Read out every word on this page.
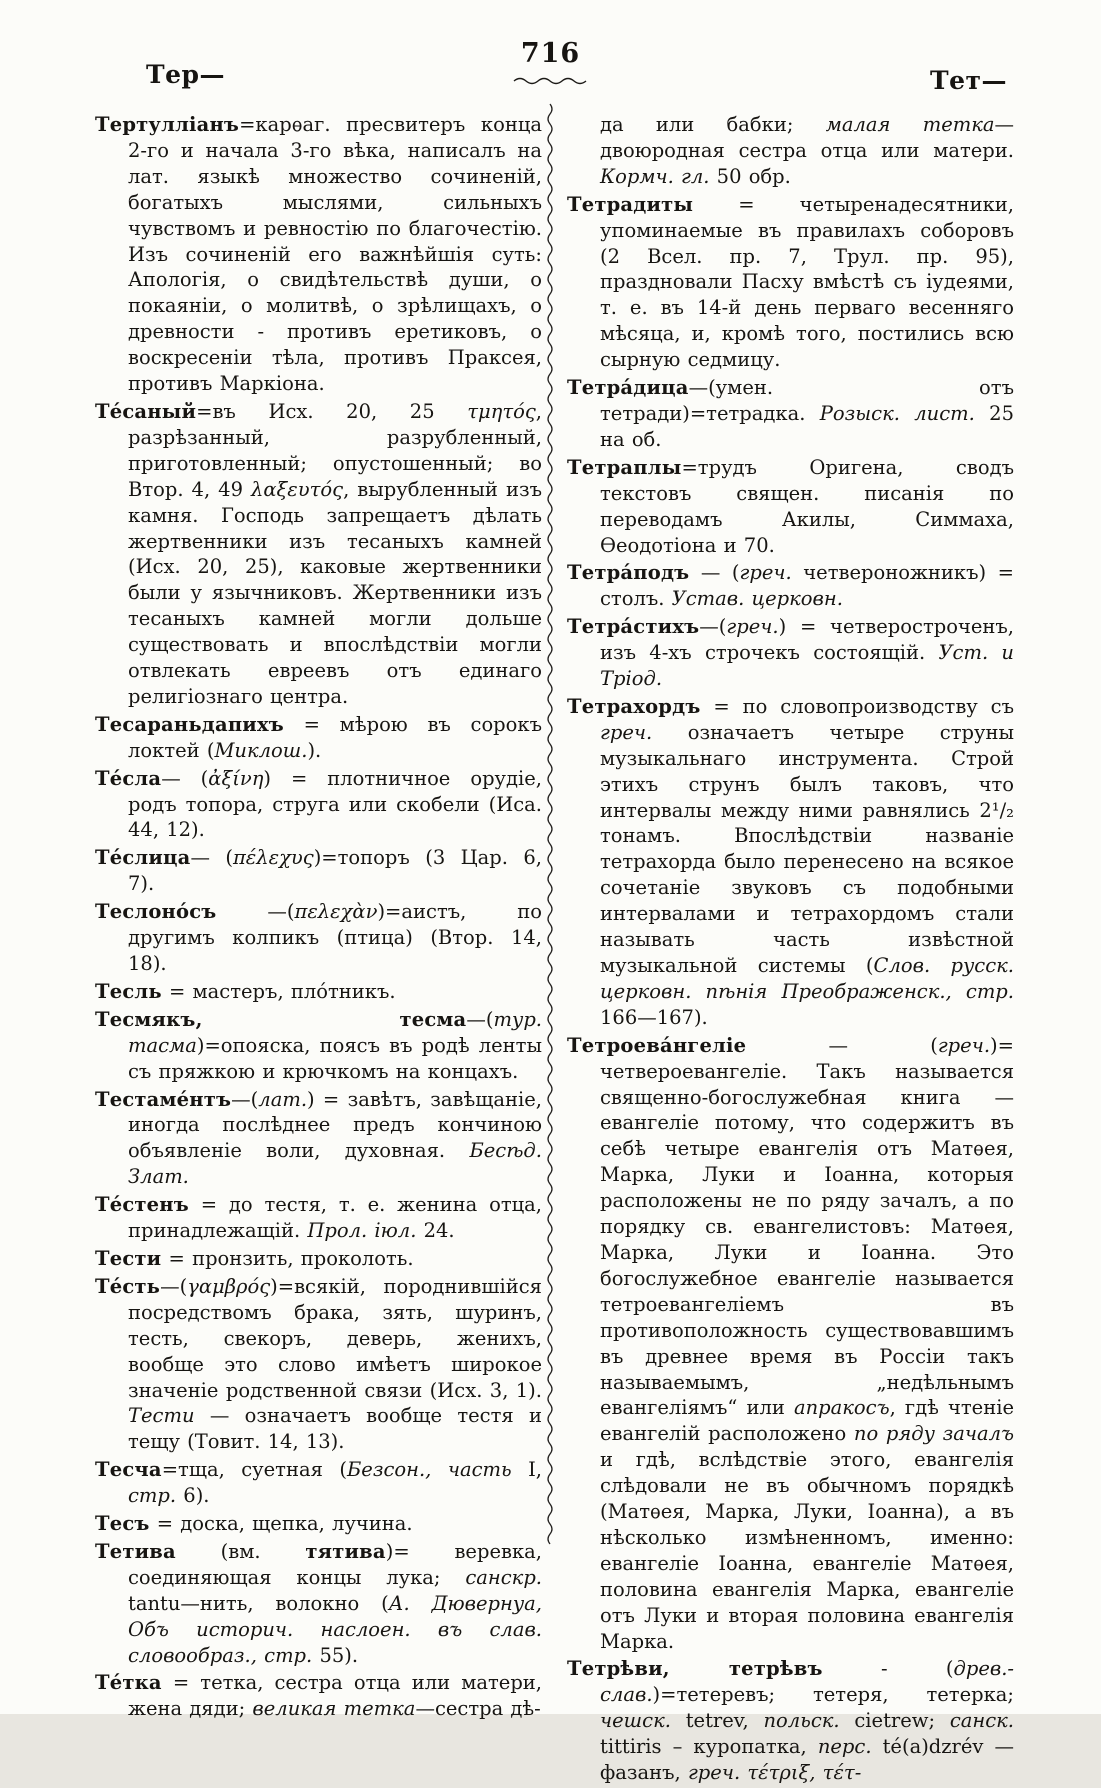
716
Тер—	Тет—

Тертулліанъ=карѳаг. пресвитеръ конца 2-го и начала 3-го вѣка, написалъ на лат. языкѣ множество сочиненій, богатыхъ мыслями, сильныхъ чувствомъ и ревностію по благочестію. Изъ сочиненій его важнѣйшія суть: Апологія, о свидѣтельствѣ души, о покаяніи, о молитвѣ, о зрѣлищахъ, о древности - противъ еретиковъ, о воскресеніи тѣла, противъ Праксея, противъ Маркіона.

Тéсаный=въ Исх. 20, 25 τμητός, разрѣзанный, разрубленный, приготовленный; опустошенный; во Втор. 4, 49 λαξευτός, вырубленный изъ камня. Господь запрещаетъ дѣлать жертвенники изъ тесаныхъ камней (Исх. 20, 25), каковые жертвенники были у язычниковъ. Жертвенники изъ тесаныхъ камней могли дольше существовать и впослѣдствіи могли отвлекать евреевъ отъ единаго религіознаго центра.

Тесараньдапихъ = мѣрою въ сорокъ локтей (Миклош.).

Тéсла— (ἀξίνη) = плотничное орудіе, родъ топора, струга или скобели (Иса. 44, 12).

Тéслица— (πέλεχυς)=топоръ (3 Цар. 6, 7).

Теслонóсъ —(πελεχὰν)=аистъ, по другимъ колпикъ (птица) (Втор. 14, 18).

Тесль = мастеръ, плóтникъ.

Тесмякъ, тесма—(тур. тасма)=опояска, поясъ въ родѣ ленты съ пряжкою и крючкомъ на концахъ.

Тестамéнтъ—(лат.) = завѣтъ, завѣщаніе, иногда послѣднее предъ кончиною объявленіе воли, духовная. Бесѣд. Злат.

Тéстенъ = до тестя, т. е. женина отца, принадлежащій. Прол. іюл. 24.

Тести = пронзить, проколоть.

Тéсть—(γαμβρός)=всякій, породнившійся посредствомъ брака, зять, шуринъ, тесть, свекоръ, деверь, женихъ, вообще это слово имѣетъ широкое значеніе родственной связи (Исх. 3, 1). Тести — означаетъ вообще тестя и тещу (Товит. 14, 13).

Тесча=тща, суетная (Безсон., часть I, стр. 6).

Тесъ = доска, щепка, лучина.

Тетива (вм. тятива)= веревка, соединяющая концы лука; санскр. tantu—нить, волокно (А. Дювернуа, Объ историч. наслоен. въ слав. словообраз., стр. 55).

Тéтка = тетка, сестра отца или матери, жена дяди; великая тетка—сестра дѣ-

да или бабки; малая тетка—двоюродная сестра отца или матери. Кормч. гл. 50 обр.

Тетрадиты = четыренадесятники, упоминаемые въ правилахъ соборовъ (2 Всел. пр. 7, Трул. пр. 95), праздновали Пасху вмѣстѣ съ іудеями, т. е. въ 14-й день перваго весенняго мѣсяца, и, кромѣ того, постились всю сырную седмицу.

Тетрáдица—(умен. отъ тетради)=тетрадка. Розыск. лист. 25 на об.

Тетраплы=трудъ Оригена, сводъ текстовъ священ. писанія по переводамъ Акилы, Симмаха, Ѳеодотіона и 70.

Тетрáподъ — (греч. четвероножникъ) = столъ. Устав. церковн.

Тетрáстихъ—(греч.) = четверостроченъ, изъ 4-хъ строчекъ состоящій. Уст. и Тріод.

Тетрахордъ = по словопроизводству съ греч. означаетъ четыре струны музыкальнаго инструмента. Строй этихъ струнъ былъ таковъ, что интервалы между ними равнялись 2¹/₂ тонамъ. Впослѣдствіи названіе тетрахорда было перенесено на всякое сочетаніе звуковъ съ подобными интервалами и тетрахордомъ стали называть часть извѣстной музыкальной системы (Слов. русск. церковн. пѣнія Преображенск., стр. 166—167).

Тетроевáнгеліе — (греч.)= четвероевангеліе. Такъ называется священно-богослужебная книга — евангеліе потому, что содержитъ въ себѣ четыре евангелія отъ Матѳея, Марка, Луки и Іоанна, которыя расположены не по ряду зачалъ, а по порядку св. евангелистовъ: Матѳея, Марка, Луки и Іоанна. Это богослужебное евангеліе называется тетроевангеліемъ въ противоположность существовавшимъ въ древнее время въ Россіи такъ называемымъ, „недѣльнымъ евангеліямъ“ или апракосъ, гдѣ чтеніе евангелій расположено по ряду зачалъ и гдѣ, вслѣдствіе этого, евангелія слѣдовали не въ обычномъ порядкѣ (Матѳея, Марка, Луки, Іоанна), а въ нѣсколько измѣненномъ, именно: евангеліе Іоанна, евангеліе Матѳея, половина евангелія Марка, евангеліе отъ Луки и вторая половина евангелія Марка.

Тетрѣви, тетрѣвъ - (древ.-слав.)=тетеревъ; тетеря, тетерка; чешск. tetrev, польск. cietrew; санск. tittiris – куропатка, перс. té(a)dzrév — фазанъ, греч. τέτριξ, τέτ-
